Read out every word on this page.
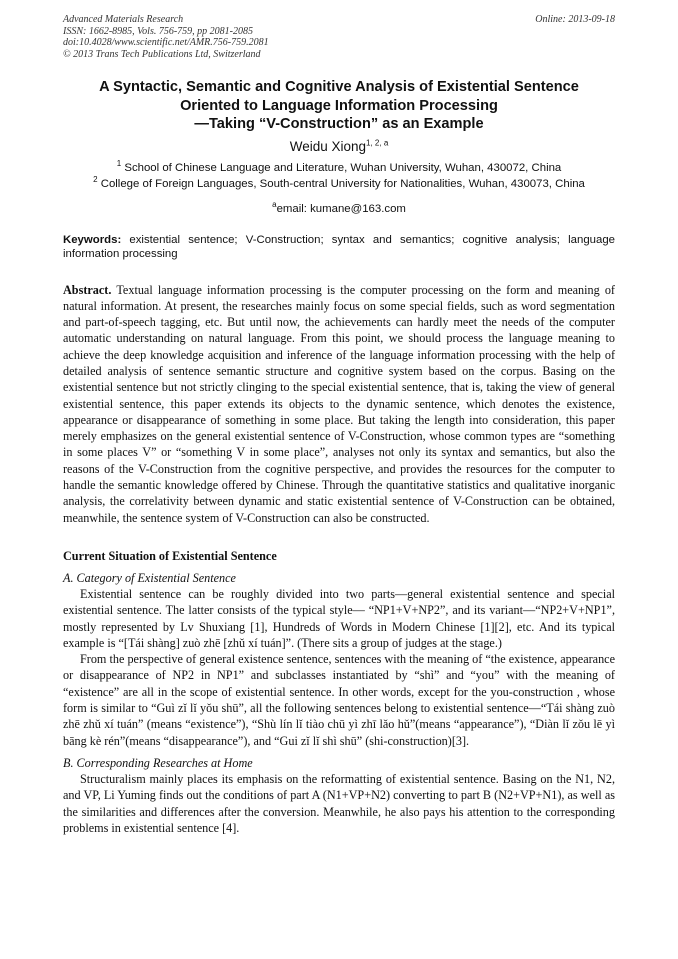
Advanced Materials Research
ISSN: 1662-8985, Vols. 756-759, pp 2081-2085
doi:10.4028/www.scientific.net/AMR.756-759.2081
© 2013 Trans Tech Publications Ltd, Switzerland
Online: 2013-09-18
A Syntactic, Semantic and Cognitive Analysis of Existential Sentence
Oriented to Language Information Processing
—Taking “V-Construction” as an Example
Weidu Xiong$^{1, 2, a}$
$^1$ School of Chinese Language and Literature, Wuhan University, Wuhan, 430072, China
$^2$ College of Foreign Languages, South-central University for Nationalities, Wuhan, 430073, China
$^a$email: kumane@163.com
Keywords: existential sentence; V-Construction; syntax and semantics; cognitive analysis; language information processing
Abstract. Textual language information processing is the computer processing on the form and meaning of natural information. At present, the researches mainly focus on some special fields, such as word segmentation and part-of-speech tagging, etc. But until now, the achievements can hardly meet the needs of the computer automatic understanding on natural language. From this point, we should process the language meaning to achieve the deep knowledge acquisition and inference of the language information processing with the help of detailed analysis of sentence semantic structure and cognitive system based on the corpus. Basing on the existential sentence but not strictly clinging to the special existential sentence, that is, taking the view of general existential sentence, this paper extends its objects to the dynamic sentence, which denotes the existence, appearance or disappearance of something in some place. But taking the length into consideration, this paper merely emphasizes on the general existential sentence of V-Construction, whose common types are “something in some places V” or “something V in some place”, analyses not only its syntax and semantics, but also the reasons of the V-Construction from the cognitive perspective, and provides the resources for the computer to handle the semantic knowledge offered by Chinese. Through the quantitative statistics and qualitative inorganic analysis, the correlativity between dynamic and static existential sentence of V-Construction can be obtained, meanwhile, the sentence system of V-Construction can also be constructed.
Current Situation of Existential Sentence
A. Category of Existential Sentence
Existential sentence can be roughly divided into two parts—general existential sentence and special existential sentence. The latter consists of the typical style— “NP1+V+NP2”, and its variant—“NP2+V+NP1”, mostly represented by Lv Shuxiang [1], Hundreds of Words in Modern Chinese [1][2], etc. And its typical example is “[Tái shàng] zuò zhē [zhǔ xí tuán]”. (There sits a group of judges at the stage.)
From the perspective of general existence sentence, sentences with the meaning of “the existence, appearance or disappearance of NP2 in NP1” and subclasses instantiated by “shì” and “you” with the meaning of “existence” are all in the scope of existential sentence. In other words, except for the you-construction , whose form is similar to “Guì zǐ lǐ yǒu shū”, all the following sentences belong to existential sentence—“Tái shàng zuò zhē zhǔ xí tuán” (means “existence”), “Shù lín lǐ tiào chū yì zhī lǎo hǔ”(means “appearance”), “Diàn lǐ zǒu lē yì bāng kè rén”(means “disappearance”), and “Gui zǐ lǐ shì shū” (shi-construction)[3].
B. Corresponding Researches at Home
Structuralism mainly places its emphasis on the reformatting of existential sentence. Basing on the N1, N2, and VP, Li Yuming finds out the conditions of part A (N1+VP+N2) converting to part B (N2+VP+N1), as well as the similarities and differences after the conversion. Meanwhile, he also pays his attention to the corresponding problems in existential sentence [4].
